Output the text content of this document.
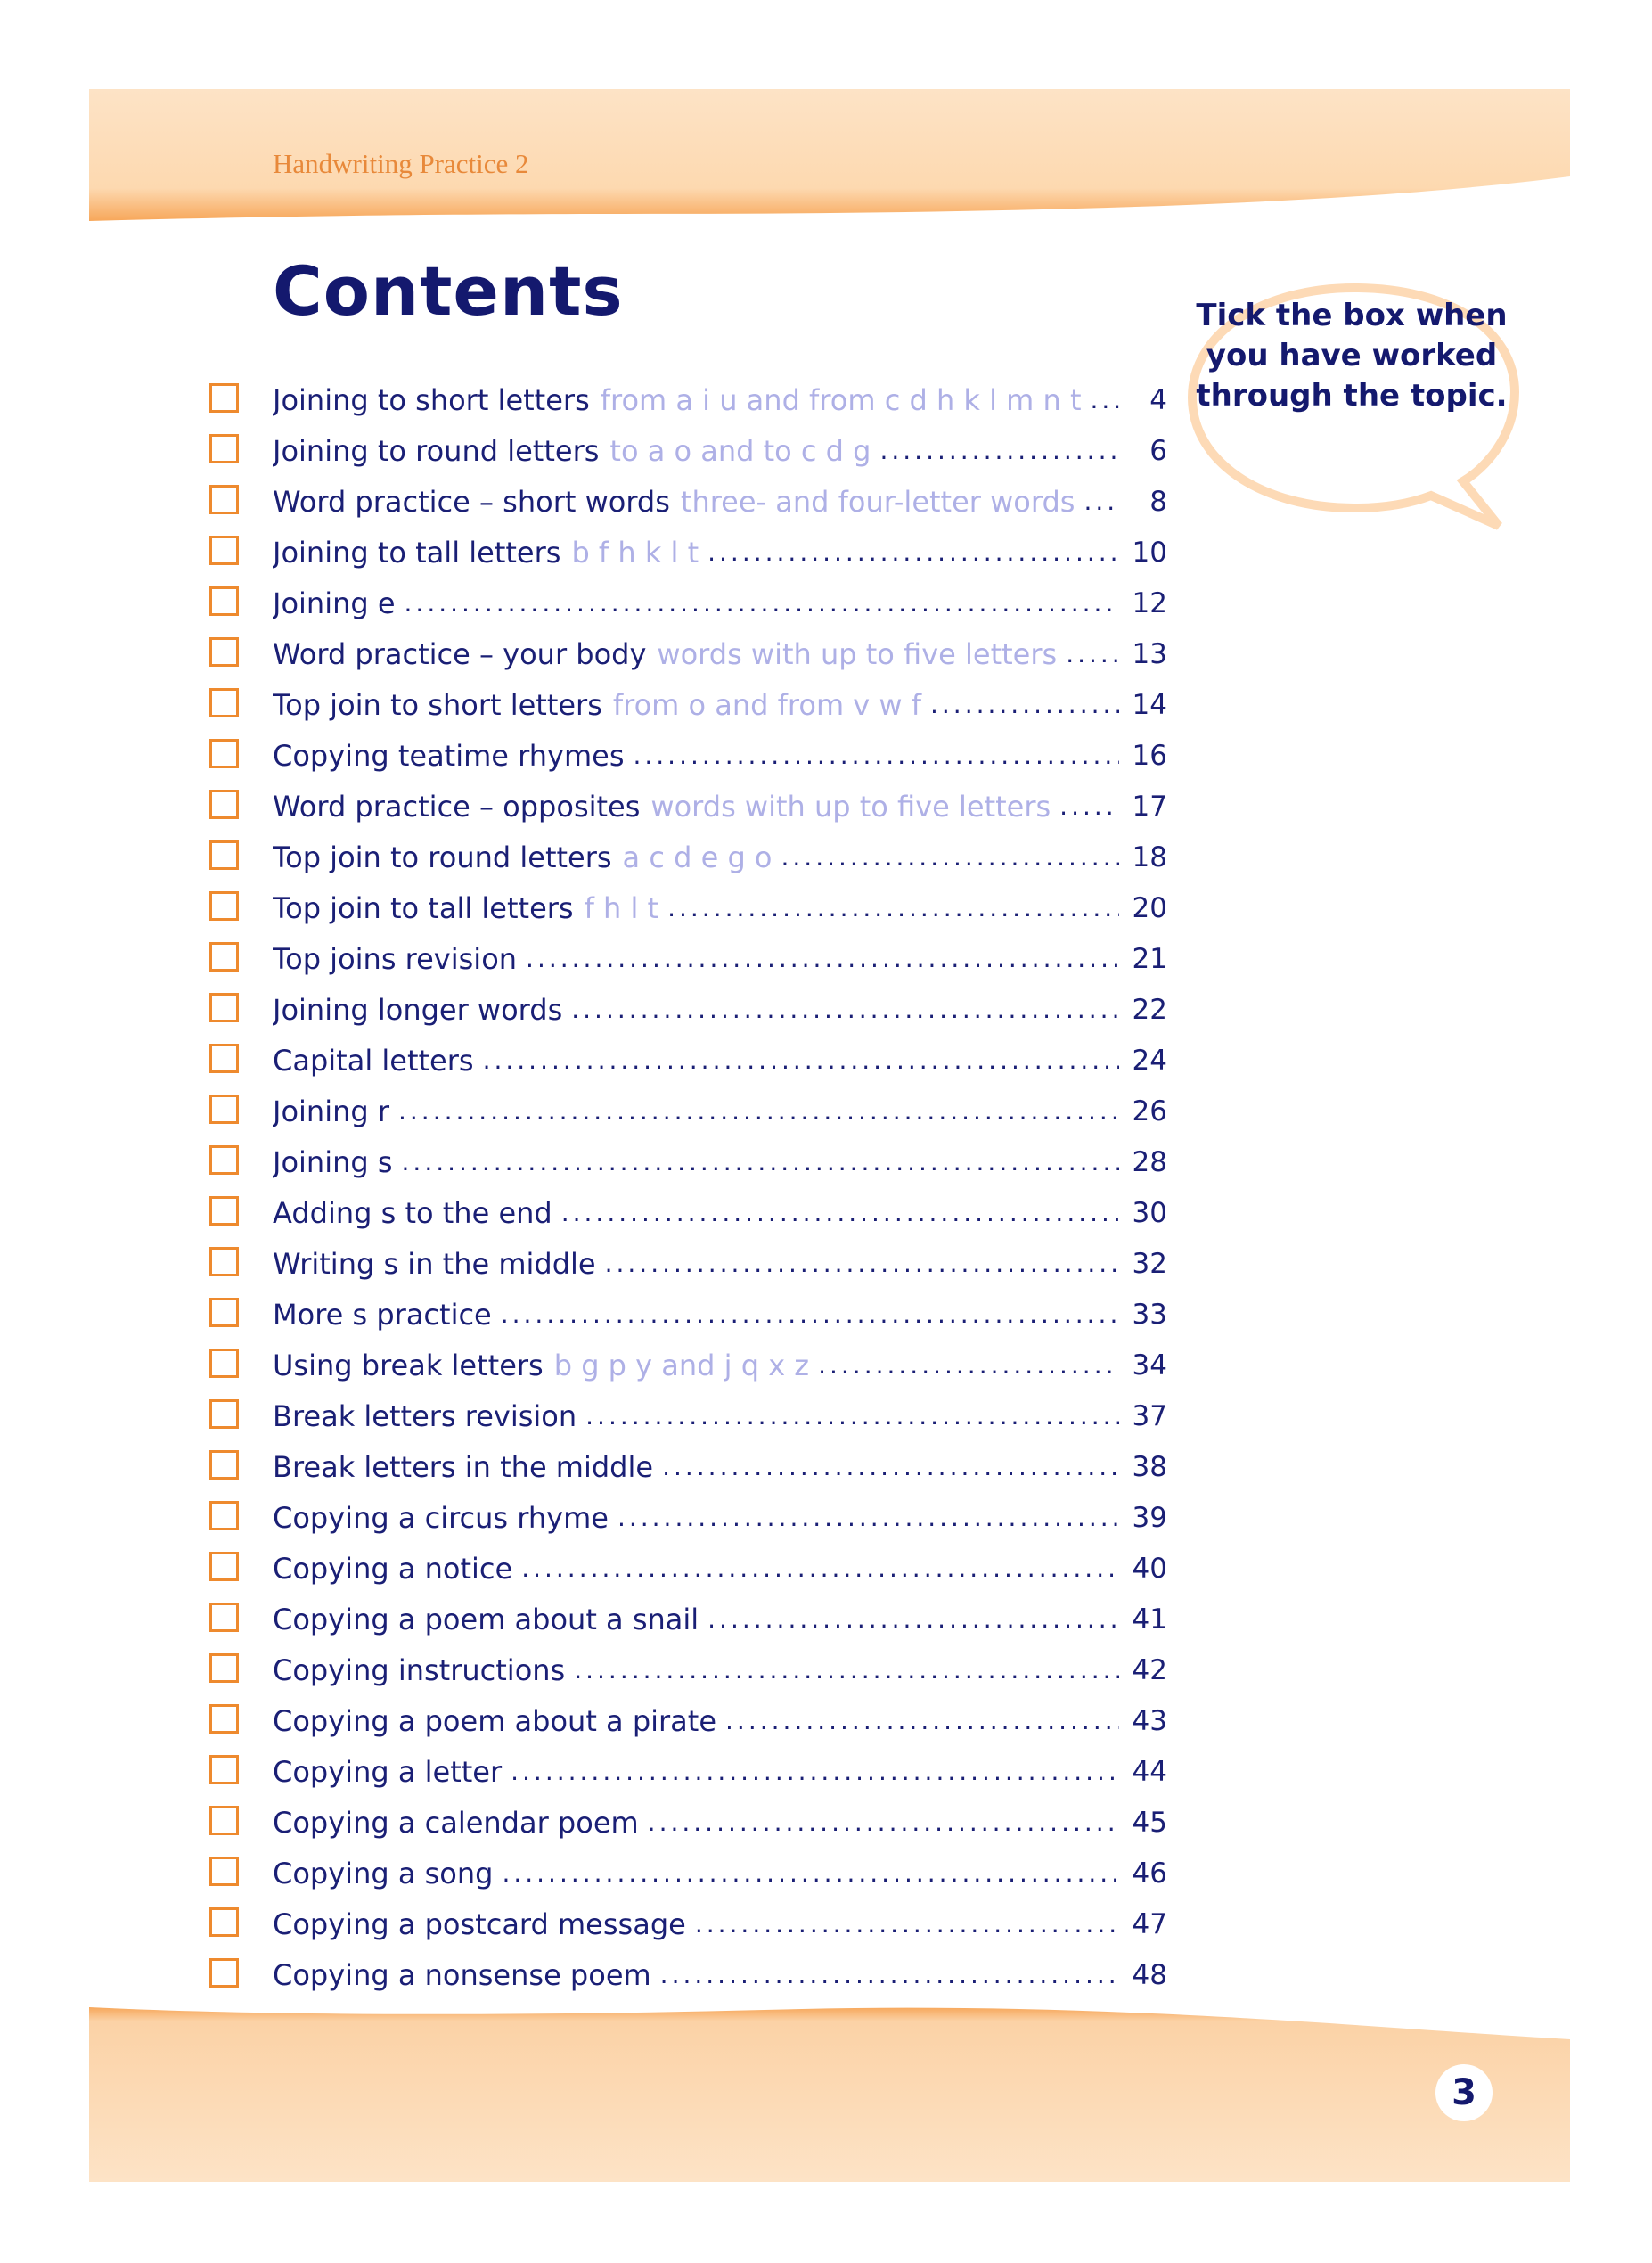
Handwriting Practice 2
Contents	Tick the box when you have worked through the topic.
Joining to short letters from a i u and from c d h k l m n t .....	4
Joining to round letters to a o and to c d g .....	6
Word practice – short words three- and four-letter words .....	8
Joining to tall letters b f h k l t .....	10
Joining e .....	12
Word practice – your body words with up to five letters .....	13
Top join to short letters from o and from v w f .....	14
Copying teatime rhymes .....	16
Word practice – opposites words with up to five letters .....	17
Top join to round letters a c d e g o .....	18
Top join to tall letters f h l t .....	20
Top joins revision .....	21
Joining longer words .....	22
Capital letters .....	24
Joining r .....	26
Joining s .....	28
Adding s to the end .....	30
Writing s in the middle .....	32
More s practice .....	33
Using break letters b g p y and j q x z .....	34
Break letters revision .....	37
Break letters in the middle .....	38
Copying a circus rhyme .....	39
Copying a notice .....	40
Copying a poem about a snail .....	41
Copying instructions .....	42
Copying a poem about a pirate .....	43
Copying a letter .....	44
Copying a calendar poem .....	45
Copying a song .....	46
Copying a postcard message .....	47
Copying a nonsense poem .....	48
3
